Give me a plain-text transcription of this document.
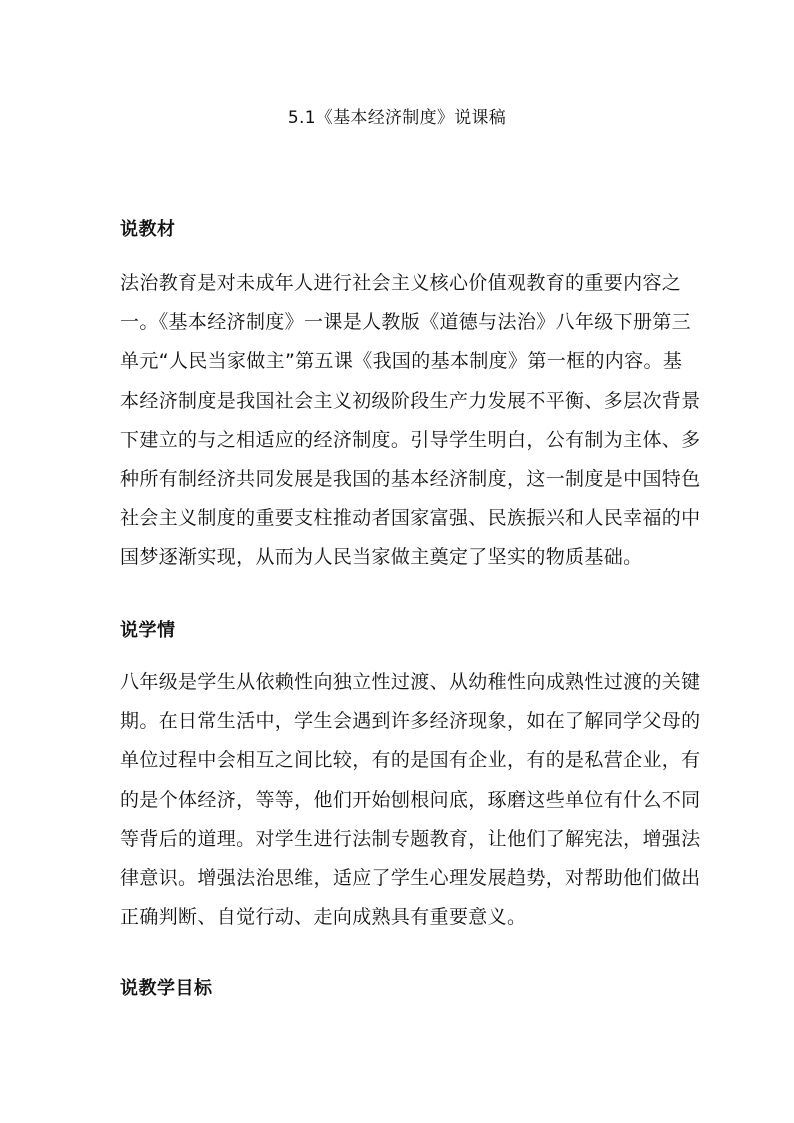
5.1《基本经济制度》说课稿
说教材
法治教育是对未成年人进行社会主义核心价值观教育的重要内容之
一。《基本经济制度》一课是人教版《道德与法治》八年级下册第三
单元“人民当家做主”第五课《我国的基本制度》第一框的内容。基
本经济制度是我国社会主义初级阶段生产力发展不平衡、多层次背景
下建立的与之相适应的经济制度。引导学生明白，公有制为主体、多
种所有制经济共同发展是我国的基本经济制度，这一制度是中国特色
社会主义制度的重要支柱推动者国家富强、民族振兴和人民幸福的中
国梦逐渐实现，从而为人民当家做主奠定了坚实的物质基础。
说学情
八年级是学生从依赖性向独立性过渡、从幼稚性向成熟性过渡的关键
期。在日常生活中，学生会遇到许多经济现象，如在了解同学父母的
单位过程中会相互之间比较，有的是国有企业，有的是私营企业，有
的是个体经济，等等，他们开始刨根问底，琢磨这些单位有什么不同
等背后的道理。对学生进行法制专题教育，让他们了解宪法，增强法
律意识。增强法治思维，适应了学生心理发展趋势，对帮助他们做出
正确判断、自觉行动、走向成熟具有重要意义。
说教学目标
